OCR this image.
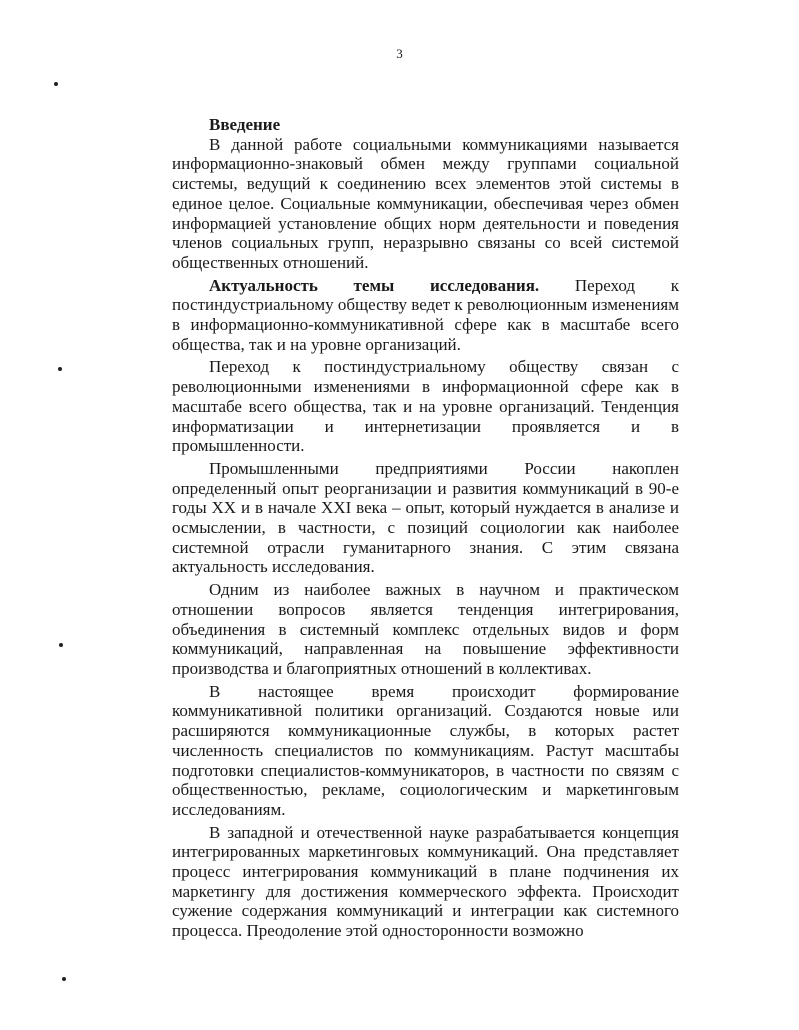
3
Введение

В данной работе социальными коммуникациями называется информационно-знаковый обмен между группами социальной системы, ведущий к соединению всех элементов этой системы в единое целое. Социальные коммуникации, обеспечивая через обмен информацией установление общих норм деятельности и поведения членов социальных групп, неразрывно связаны со всей системой общественных отношений.

Актуальность темы исследования. Переход к постиндустриальному обществу ведет к революционным изменениям в информационно-коммуникативной сфере как в масштабе всего общества, так и на уровне организаций.

Переход к постиндустриальному обществу связан с революционными изменениями в информационной сфере как в масштабе всего общества, так и на уровне организаций. Тенденция информатизации и интернетизации проявляется и в промышленности.

Промышленными предприятиями России накоплен определенный опыт реорганизации и развития коммуникаций в 90-е годы XX и в начале XXI века – опыт, который нуждается в анализе и осмыслении, в частности, с позиций социологии как наиболее системной отрасли гуманитарного знания. С этим связана актуальность исследования.

Одним из наиболее важных в научном и практическом отношении вопросов является тенденция интегрирования, объединения в системный комплекс отдельных видов и форм коммуникаций, направленная на повышение эффективности производства и благоприятных отношений в коллективах.

В настоящее время происходит формирование коммуникативной политики организаций. Создаются новые или расширяются коммуникационные службы, в которых растет численность специалистов по коммуникациям. Растут масштабы подготовки специалистов-коммуникаторов, в частности по связям с общественностью, рекламе, социологическим и маркетинговым исследованиям.

В западной и отечественной науке разрабатывается концепция интегрированных маркетинговых коммуникаций. Она представляет процесс интегрирования коммуникаций в плане подчинения их маркетингу для достижения коммерческого эффекта. Происходит сужение содержания коммуникаций и интеграции как системного процесса. Преодоление этой односторонности возможно
